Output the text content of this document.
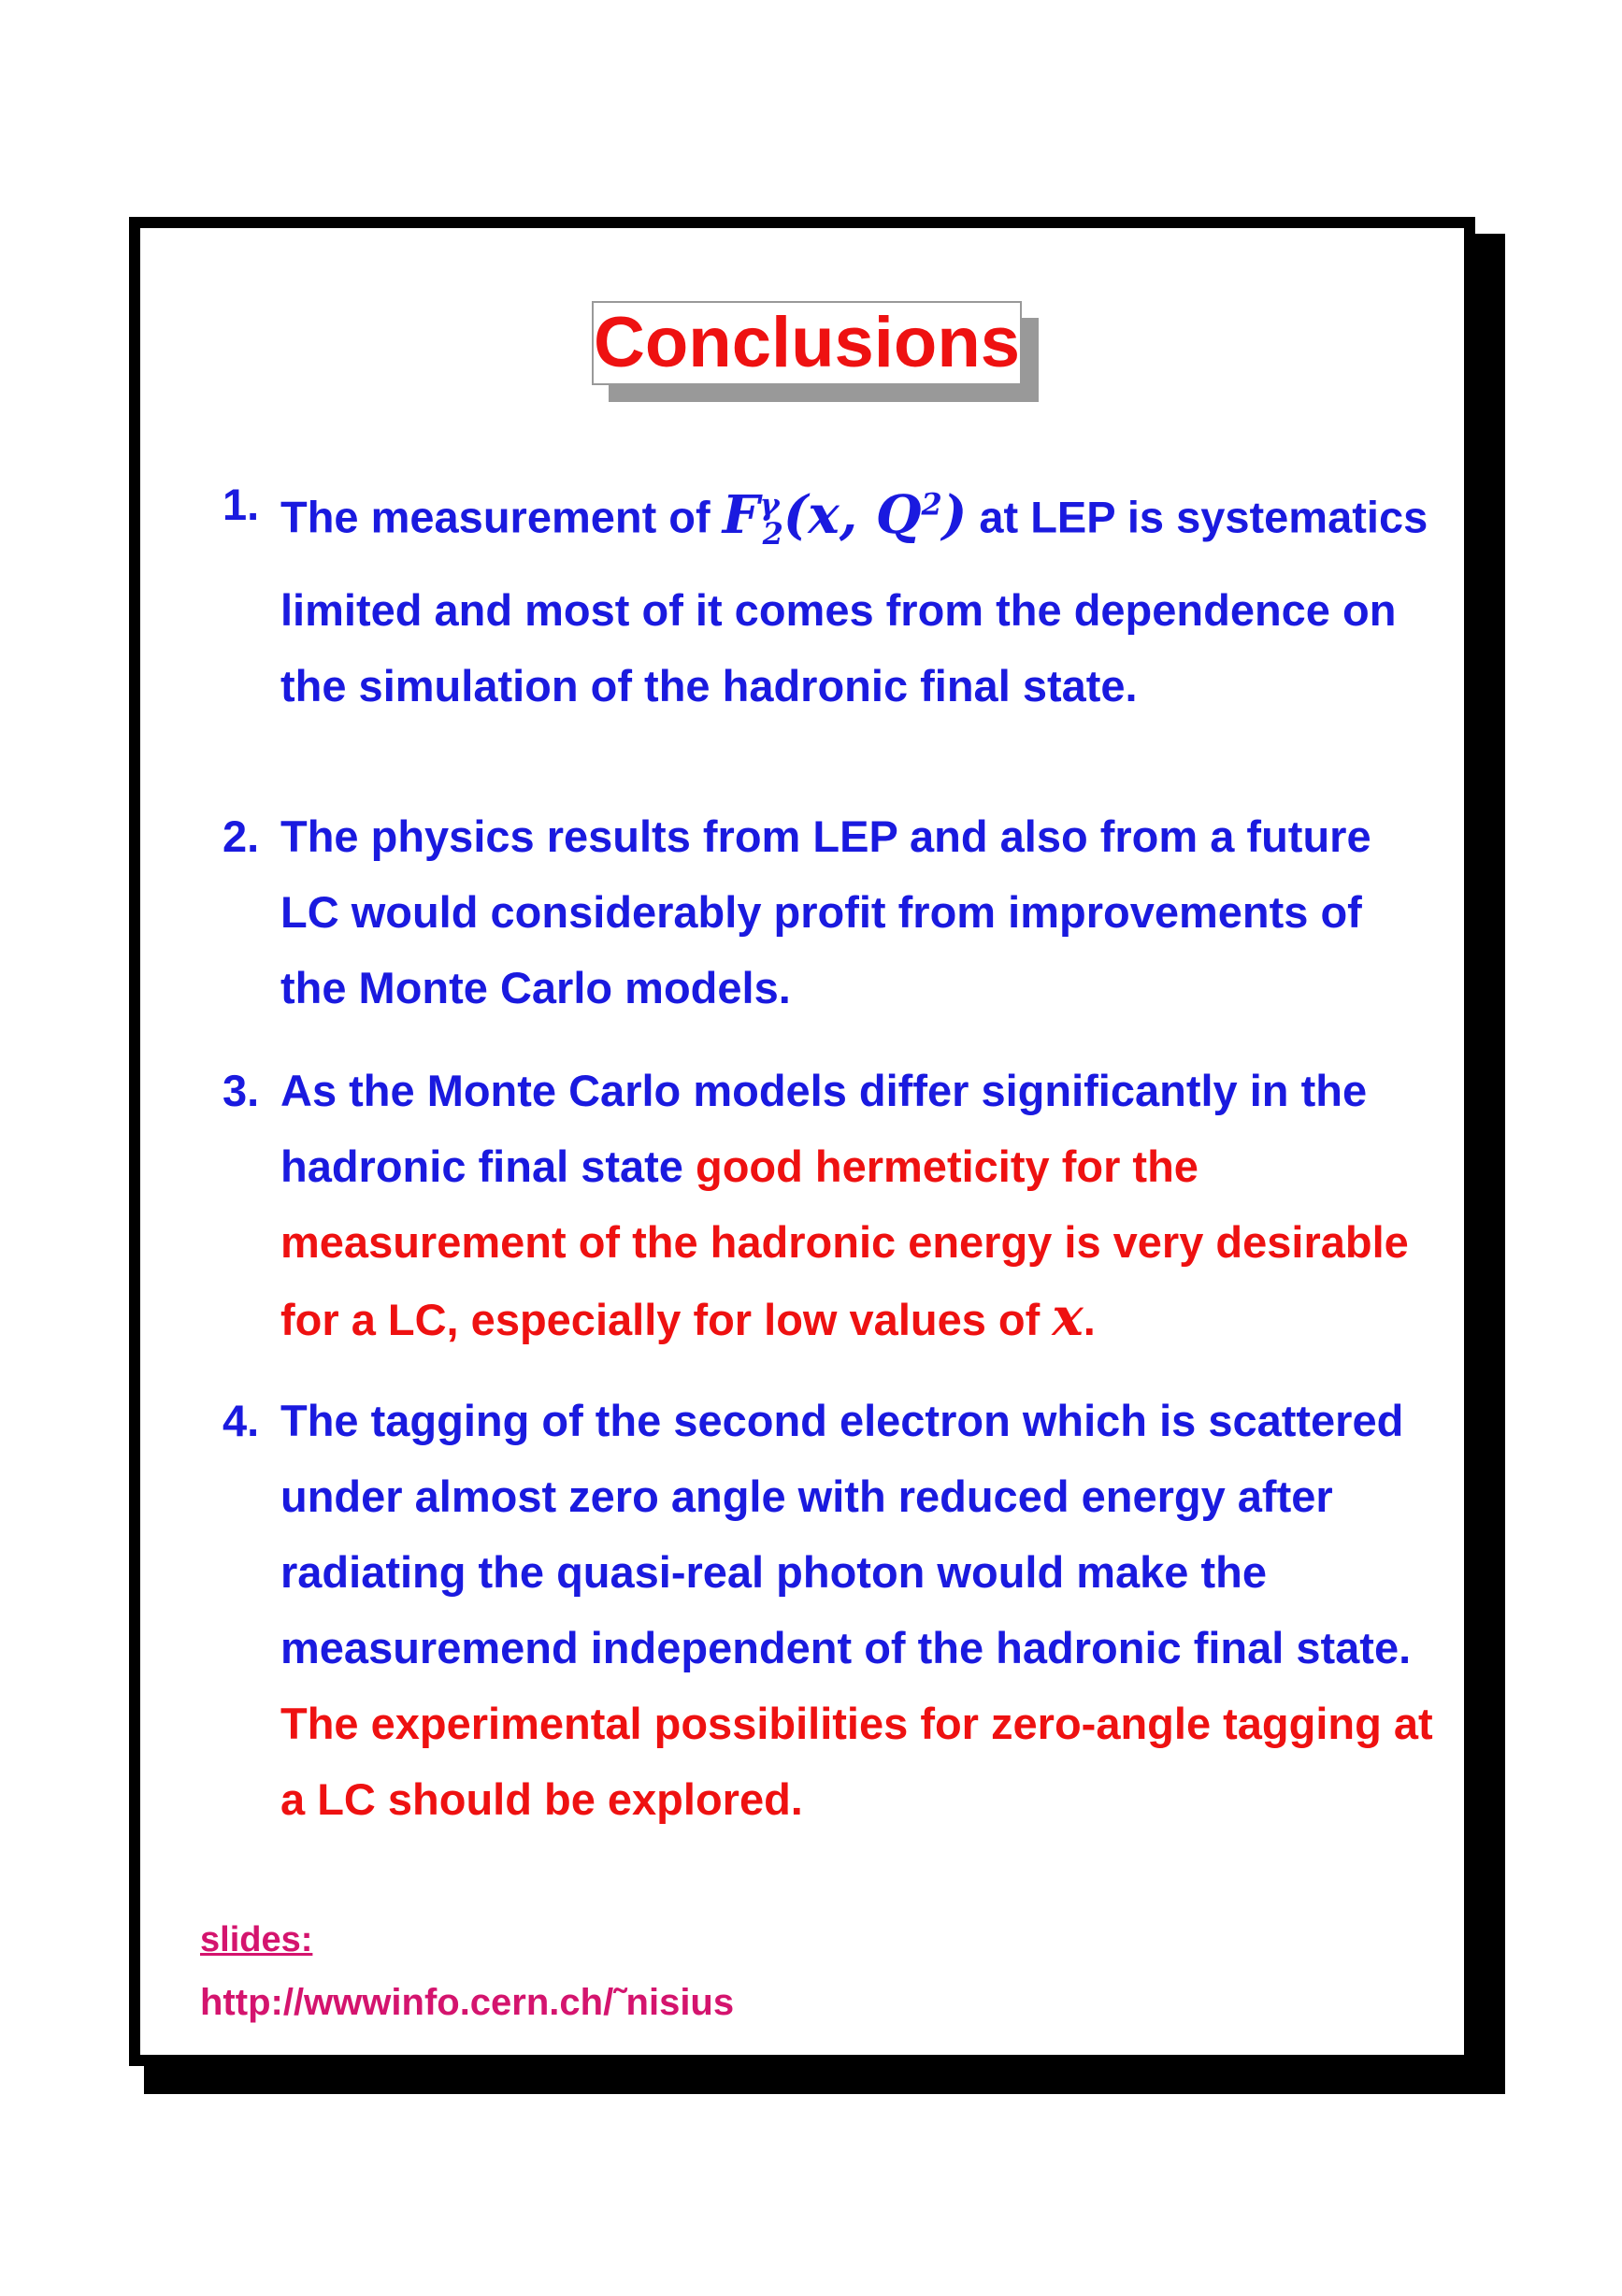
Conclusions
1. The measurement of $F^\gamma_2(x$, $Q^2$) at LEP is systematics limited and most of it comes from the dependence on the simulation of the hadronic final state.
2. The physics results from LEP and also from a future LC would considerably profit from improvements of the Monte Carlo models.
3. As the Monte Carlo models differ significantly in the hadronic final state good hermeticity for the measurement of the hadronic energy is very desirable for a LC, especially for low values of x.
4. The tagging of the second electron which is scattered under almost zero angle with reduced energy after radiating the quasi-real photon would make the measuremend independent of the hadronic final state. The experimental possibilities for zero-angle tagging at a LC should be explored.
slides:
http://wwwinfo.cern.ch/˜nisius
